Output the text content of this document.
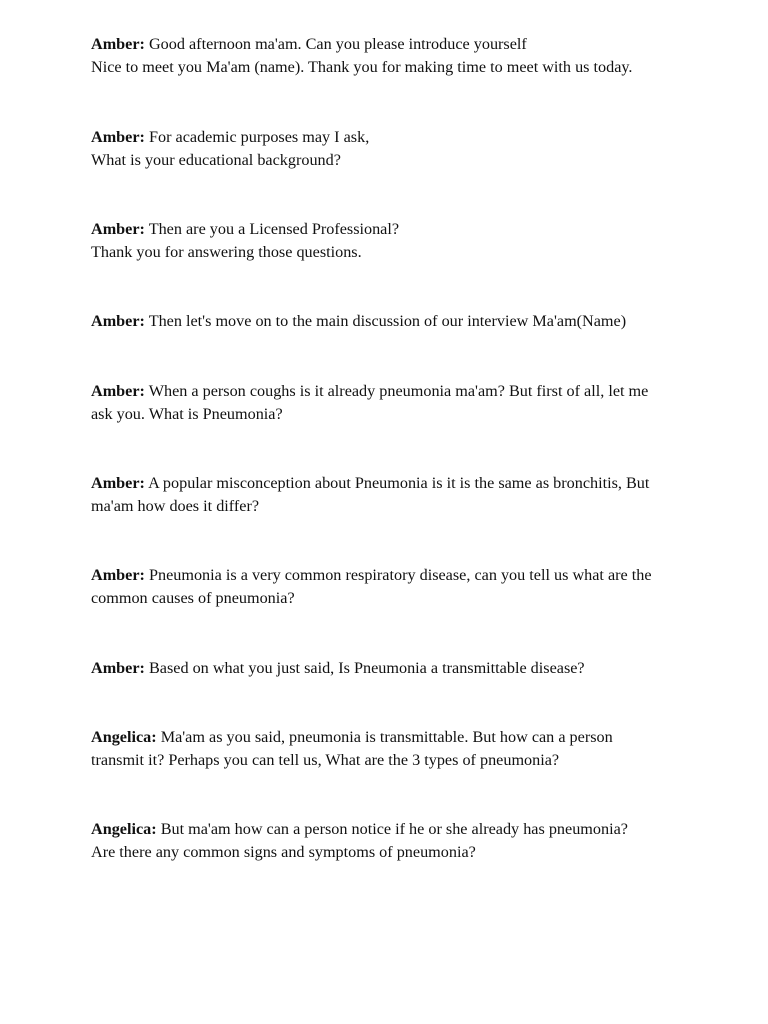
Amber: Good afternoon ma'am. Can you please introduce yourself
Nice to meet you Ma'am (name). Thank you for making time to meet with us today.

Amber: For academic purposes may I ask,
What is your educational background?

Amber: Then are you a Licensed Professional?
Thank you for answering those questions.

Amber: Then let's move on to the main discussion of our interview Ma'am(Name)

Amber: When a person coughs is it already pneumonia ma'am? But first of all, let me
ask you. What is Pneumonia?

Amber: A popular misconception about Pneumonia is it is the same as bronchitis, But
ma'am how does it differ?

Amber: Pneumonia is a very common respiratory disease, can you tell us what are the
common causes of pneumonia?

Amber: Based on what you just said, Is Pneumonia a transmittable disease?

Angelica: Ma'am as you said, pneumonia is transmittable. But how can a person
transmit it? Perhaps you can tell us, What are the 3 types of pneumonia?

Angelica: But ma'am how can a person notice if he or she already has pneumonia?
Are there any common signs and symptoms of pneumonia?
